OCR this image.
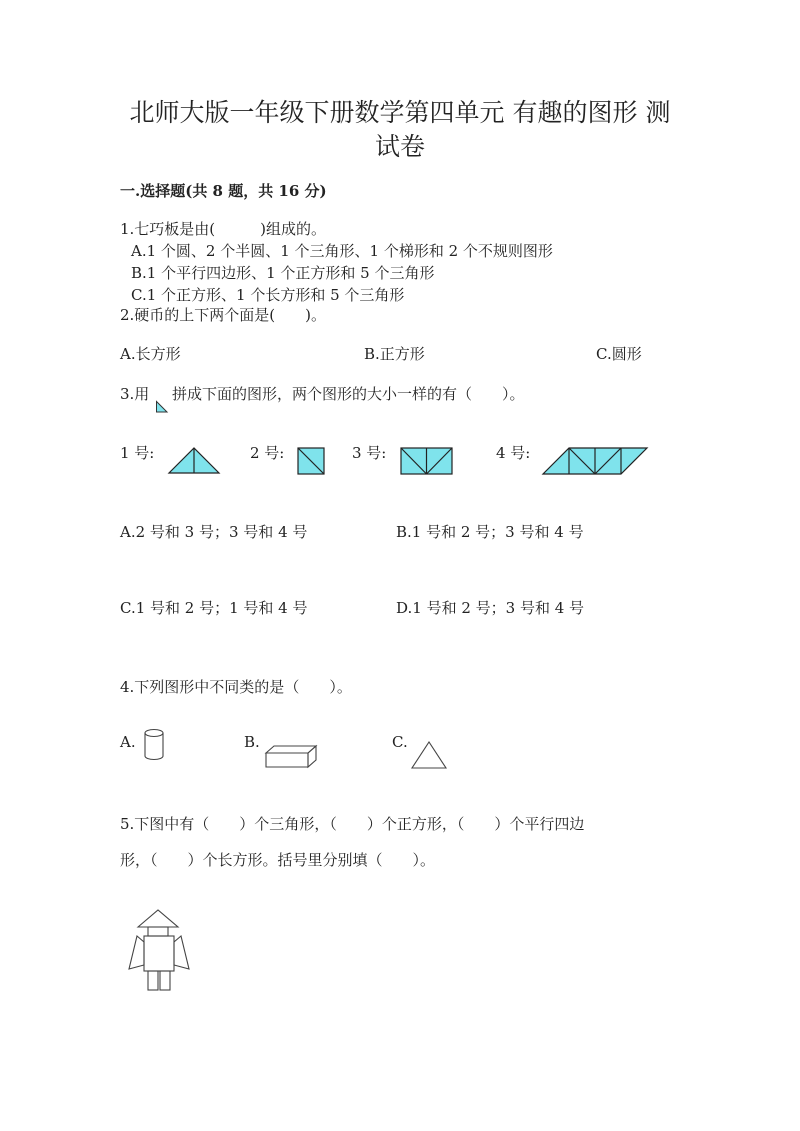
北师大版一年级下册数学第四单元 有趣的图形 测
试卷
一.选择题(共 8 题，共 16 分)
1.七巧板是由(　　　)组成的。
A.1 个圆、2 个半圆、1 个三角形、1 个梯形和 2 个不规则图形
B.1 个平行四边形、1 个正方形和 5 个三角形
C.1 个正方形、1 个长方形和 5 个三角形
2.硬币的上下两个面是(　　)。
A.长方形	B.正方形	C.圆形
3.用 拼成下面的图形，两个图形的大小一样的有（　　）。
1 号:	2 号:	3 号:	4 号:
A.2 号和 3 号；3 号和 4 号	B.1 号和 2 号；3 号和 4 号
C.1 号和 2 号；1 号和 4 号	D.1 号和 2 号；3 号和 4 号
4.下列图形中不同类的是（　　）。
A.	B.	C.
5.下图中有（　　）个三角形，（　　）个正方形，（　　）个平行四边
形，（　　）个长方形。括号里分别填（　　）。
